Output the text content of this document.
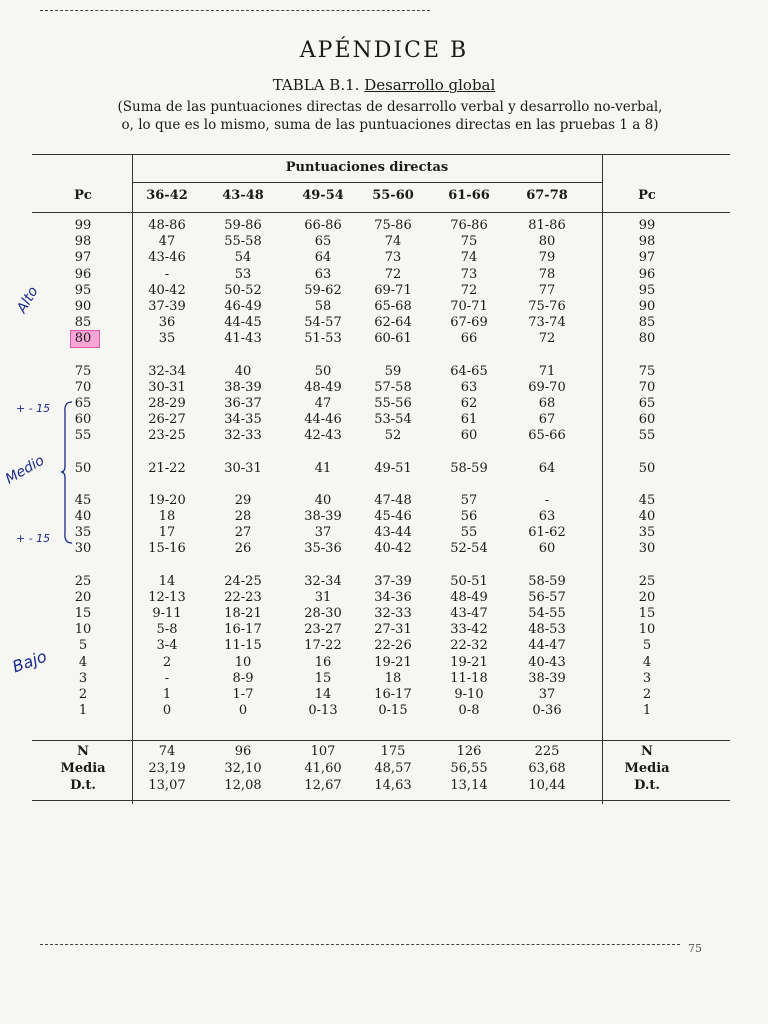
APÉNDICE B
TABLA B.1. Desarrollo global
(Suma de las puntuaciones directas de desarrollo verbal y desarrollo no-verbal,
o, lo que es lo mismo, suma de las puntuaciones directas en las pruebas 1 a 8)
Puntuaciones directas
Pc	36-42	43-48	49-54	55-60	61-66	67-78	Pc
99	48-86	59-86	66-86	75-86	76-86	81-86	99
98	47	55-58	65	74	75	80	98
97	43-46	54	64	73	74	79	97
96	-	53	63	72	73	78	96
95	40-42	50-52	59-62	69-71	72	77	95
90	37-39	46-49	58	65-68	70-71	75-76	90
85	36	44-45	54-57	62-64	67-69	73-74	85
80	35	41-43	51-53	60-61	66	72	80
75	32-34	40	50	59	64-65	71	75
70	30-31	38-39	48-49	57-58	63	69-70	70
65	28-29	36-37	47	55-56	62	68	65
60	26-27	34-35	44-46	53-54	61	67	60
55	23-25	32-33	42-43	52	60	65-66	55
50	21-22	30-31	41	49-51	58-59	64	50
45	19-20	29	40	47-48	57	-	45
40	18	28	38-39	45-46	56	63	40
35	17	27	37	43-44	55	61-62	35
30	15-16	26	35-36	40-42	52-54	60	30
25	14	24-25	32-34	37-39	50-51	58-59	25
20	12-13	22-23	31	34-36	48-49	56-57	20
15	9-11	18-21	28-30	32-33	43-47	54-55	15
10	5-8	16-17	23-27	27-31	33-42	48-53	10
5	3-4	11-15	17-22	22-26	22-32	44-47	5
4	2	10	16	19-21	19-21	40-43	4
3	-	8-9	15	18	11-18	38-39	3
2	1	1-7	14	16-17	9-10	37	2
1	0	0	0-13	0-15	0-8	0-36	1
N	74	96	107	175	126	225	N
Media	23,19	32,10	41,60	48,57	56,55	63,68	Media
D.t.	13,07	12,08	12,67	14,63	13,14	10,44	D.t.
Alto
+ - 15
Medio
+ - 15
Bajo
75
